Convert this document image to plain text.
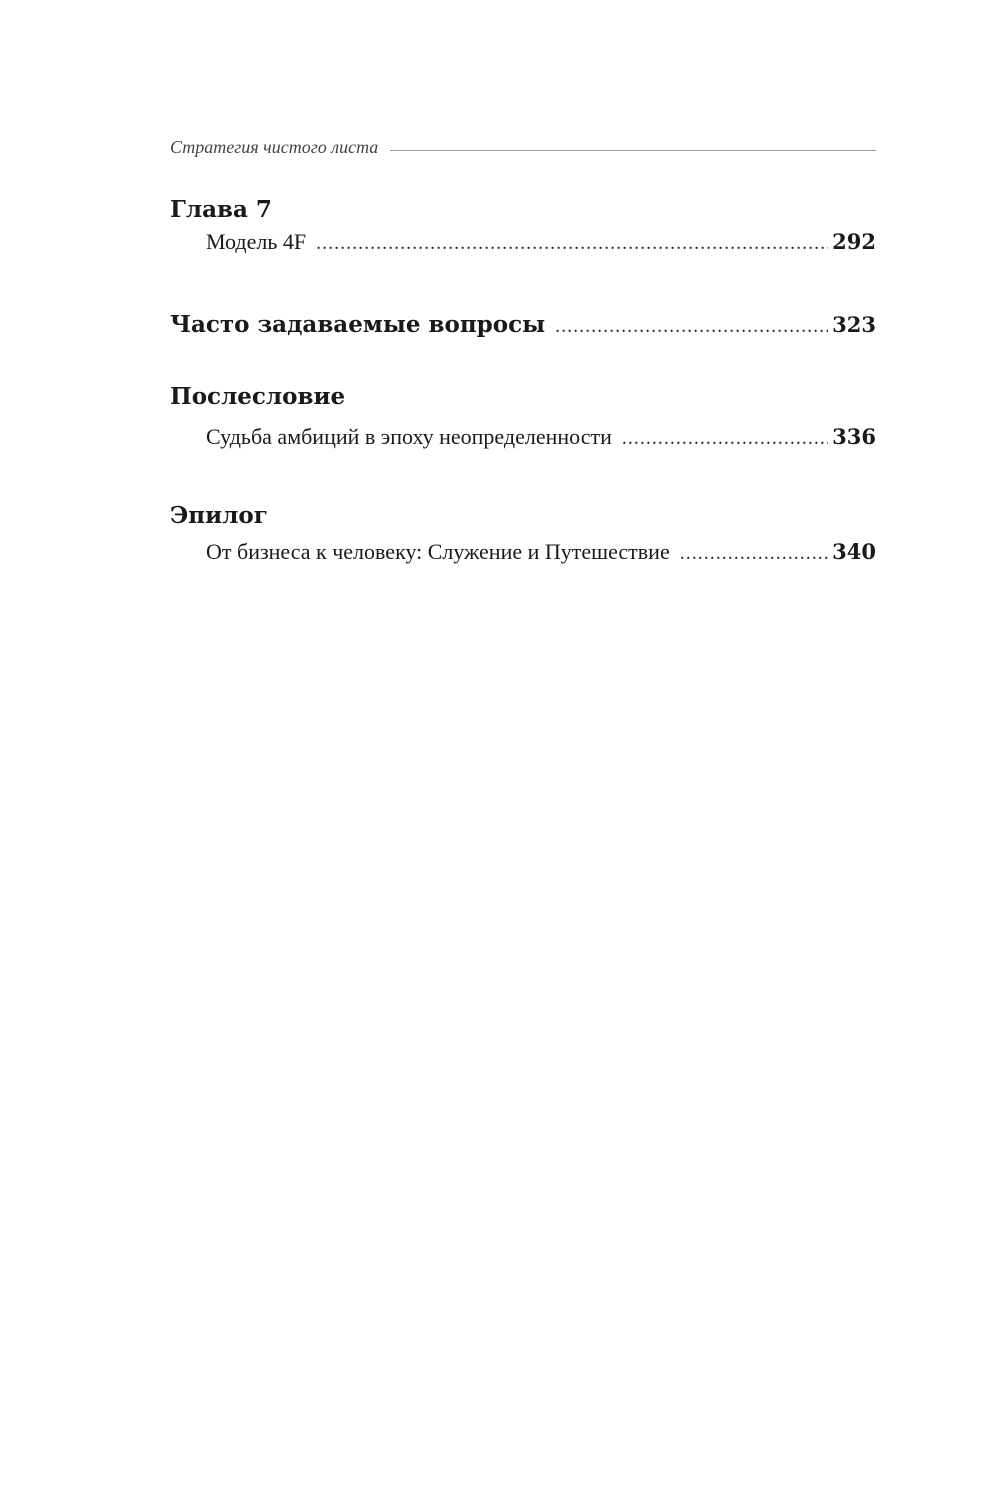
Стратегия чистого листа
Глава 7
Модель 4F .....	292
Часто задаваемые вопросы .....	323
Послесловие
Судьба амбиций в эпоху неопределенности .....	336
Эпилог
От бизнеса к человеку: Служение и Путешествие .....	340
